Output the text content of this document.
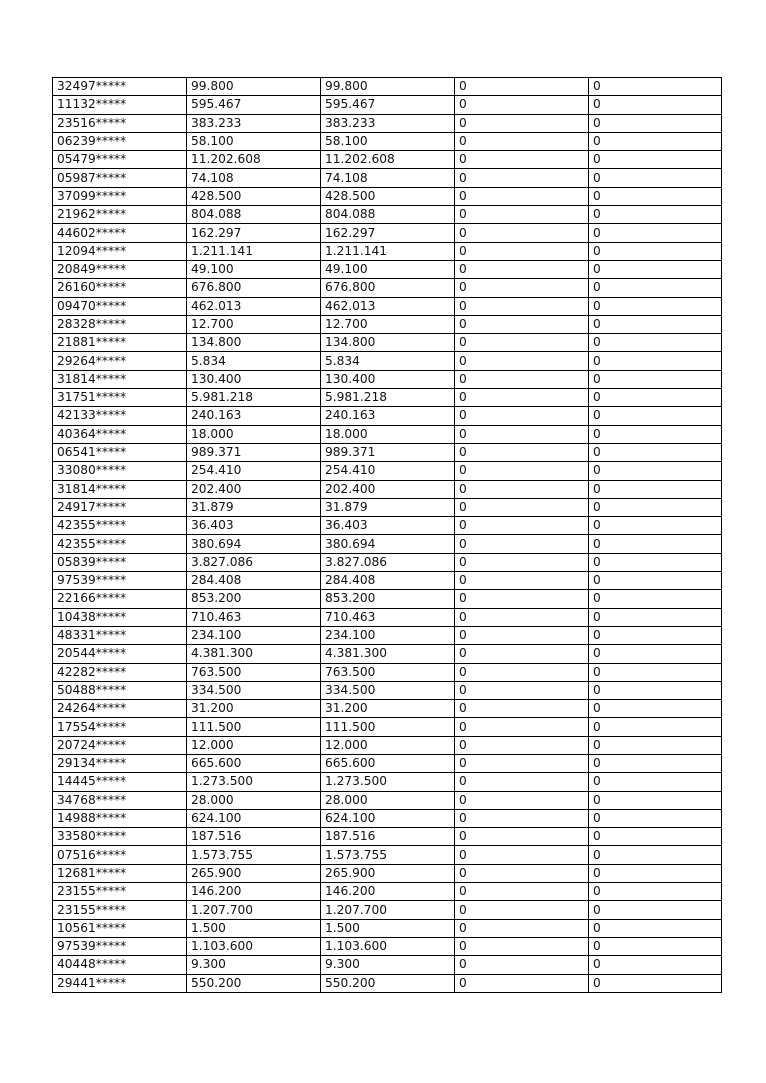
32497*****	99.800	99.800	0	0
11132*****	595.467	595.467	0	0
23516*****	383.233	383.233	0	0
06239*****	58.100	58.100	0	0
05479*****	11.202.608	11.202.608	0	0
05987*****	74.108	74.108	0	0
37099*****	428.500	428.500	0	0
21962*****	804.088	804.088	0	0
44602*****	162.297	162.297	0	0
12094*****	1.211.141	1.211.141	0	0
20849*****	49.100	49.100	0	0
26160*****	676.800	676.800	0	0
09470*****	462.013	462.013	0	0
28328*****	12.700	12.700	0	0
21881*****	134.800	134.800	0	0
29264*****	5.834	5.834	0	0
31814*****	130.400	130.400	0	0
31751*****	5.981.218	5.981.218	0	0
42133*****	240.163	240.163	0	0
40364*****	18.000	18.000	0	0
06541*****	989.371	989.371	0	0
33080*****	254.410	254.410	0	0
31814*****	202.400	202.400	0	0
24917*****	31.879	31.879	0	0
42355*****	36.403	36.403	0	0
42355*****	380.694	380.694	0	0
05839*****	3.827.086	3.827.086	0	0
97539*****	284.408	284.408	0	0
22166*****	853.200	853.200	0	0
10438*****	710.463	710.463	0	0
48331*****	234.100	234.100	0	0
20544*****	4.381.300	4.381.300	0	0
42282*****	763.500	763.500	0	0
50488*****	334.500	334.500	0	0
24264*****	31.200	31.200	0	0
17554*****	111.500	111.500	0	0
20724*****	12.000	12.000	0	0
29134*****	665.600	665.600	0	0
14445*****	1.273.500	1.273.500	0	0
34768*****	28.000	28.000	0	0
14988*****	624.100	624.100	0	0
33580*****	187.516	187.516	0	0
07516*****	1.573.755	1.573.755	0	0
12681*****	265.900	265.900	0	0
23155*****	146.200	146.200	0	0
23155*****	1.207.700	1.207.700	0	0
10561*****	1.500	1.500	0	0
97539*****	1.103.600	1.103.600	0	0
40448*****	9.300	9.300	0	0
29441*****	550.200	550.200	0	0
